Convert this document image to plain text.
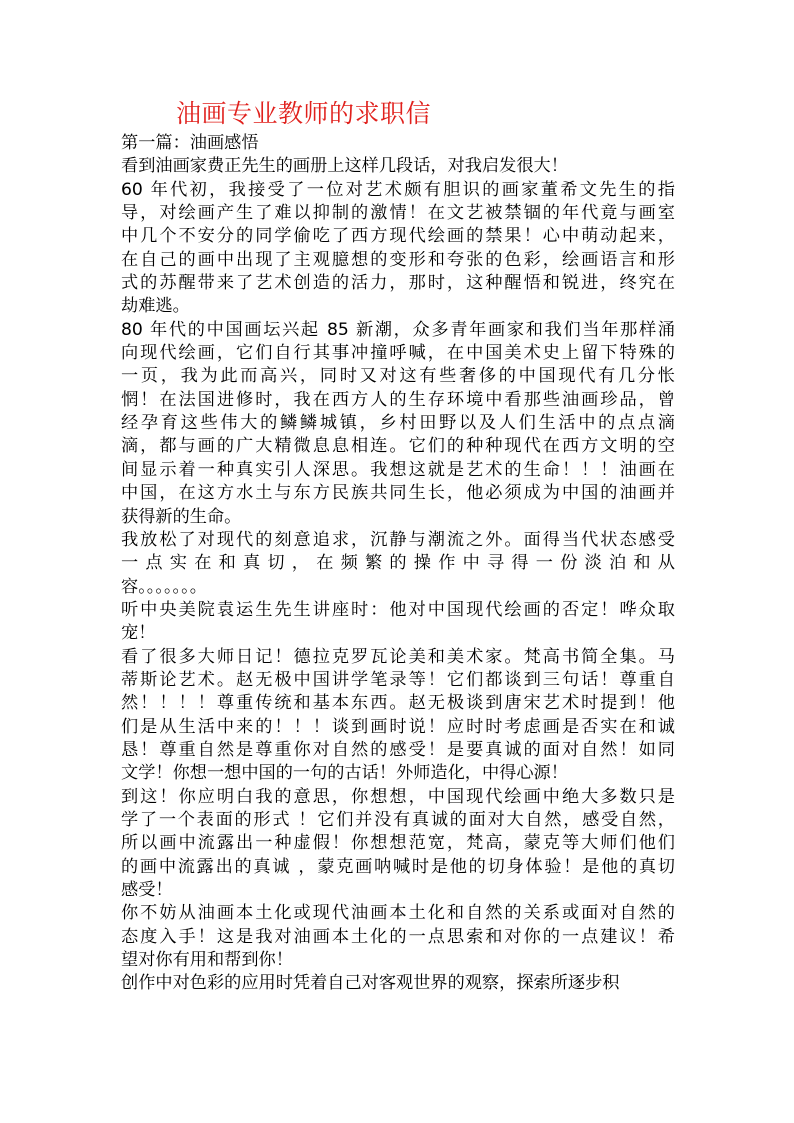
油画专业教师的求职信
第一篇：油画感悟
看到油画家费正先生的画册上这样几段话，对我启发很大！
60 年代初，我接受了一位对艺术颇有胆识的画家董希文先生的指
导，对绘画产生了难以抑制的激情！在文艺被禁锢的年代竟与画室
中几个不安分的同学偷吃了西方现代绘画的禁果！心中萌动起来，
在自己的画中出现了主观臆想的变形和夸张的色彩，绘画语言和形
式的苏醒带来了艺术创造的活力，那时，这种醒悟和锐进，终究在
劫难逃。
80 年代的中国画坛兴起 85 新潮，众多青年画家和我们当年那样涌
向现代绘画，它们自行其事冲撞呼喊，在中国美术史上留下特殊的
一页，我为此而高兴，同时又对这有些奢侈的中国现代有几分怅
惘！在法国进修时，我在西方人的生存环境中看那些油画珍品，曾
经孕育这些伟大的鳞鳞城镇，乡村田野以及人们生活中的点点滴
滴，都与画的广大精微息息相连。它们的种种现代在西方文明的空
间显示着一种真实引人深思。我想这就是艺术的生命！！！油画在
中国，在这方水土与东方民族共同生长，他必须成为中国的油画并
获得新的生命。
我放松了对现代的刻意追求，沉静与潮流之外。面得当代状态感受
一点实在和真切，在频繁的操作中寻得一份淡泊和从
容。。。。。。。
听中央美院袁运生先生讲座时：他对中国现代绘画的否定！哗众取
宠！
看了很多大师日记！德拉克罗瓦论美和美术家。梵高书简全集。马
蒂斯论艺术。赵无极中国讲学笔录等！它们都谈到三句话！尊重自
然！！！！尊重传统和基本东西。赵无极谈到唐宋艺术时提到！他
们是从生活中来的！！！谈到画时说！应时时考虑画是否实在和诚
恳！尊重自然是尊重你对自然的感受！是要真诚的面对自然！如同
文学！你想一想中国的一句的古话！外师造化，中得心源！
到这！你应明白我的意思，你想想，中国现代绘画中绝大多数只是
学了一个表面的形式 ！它们并没有真诚的面对大自然，感受自然，
所以画中流露出一种虚假！你想想范宽，梵高，蒙克等大师们他们
的画中流露出的真诚 ，蒙克画呐喊时是他的切身体验！是他的真切
感受！
你不妨从油画本土化或现代油画本土化和自然的关系或面对自然的
态度入手！这是我对油画本土化的一点思索和对你的一点建议！希
望对你有用和帮到你！
创作中对色彩的应用时凭着自己对客观世界的观察，探索所逐步积
